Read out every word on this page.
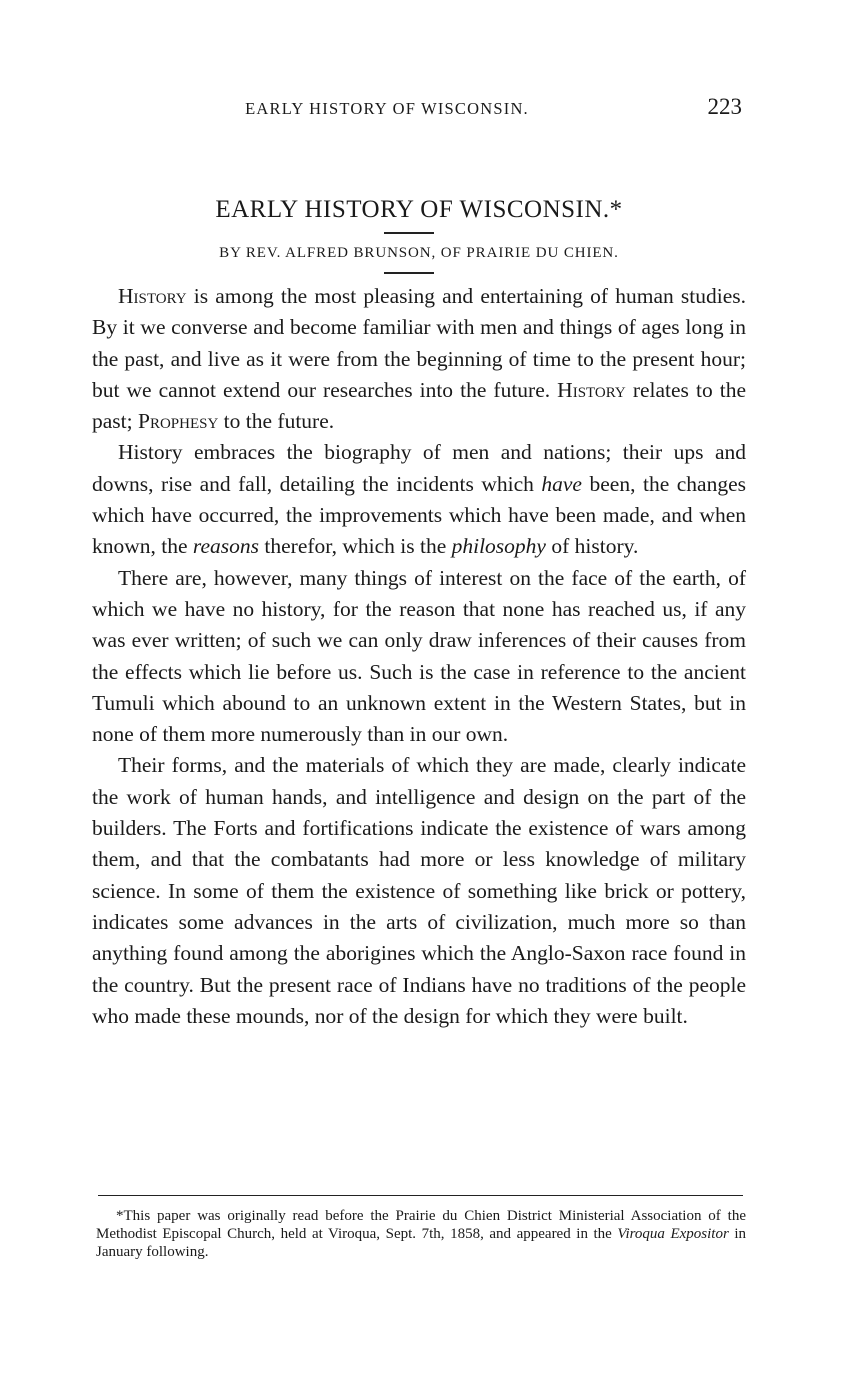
EARLY HISTORY OF WISCONSIN.	223
EARLY HISTORY OF WISCONSIN.*
BY REV. ALFRED BRUNSON, OF PRAIRIE DU CHIEN.

History is among the most pleasing and entertaining of human studies. By it we converse and become familiar with men and things of ages long in the past, and live as it were from the beginning of time to the present hour; but we cannot extend our researches into the future. History relates to the past; Prophesy to the future.

History embraces the biography of men and nations; their ups and downs, rise and fall, detailing the incidents which have been, the changes which have occurred, the improvements which have been made, and when known, the reasons therefor, which is the philosophy of history.

There are, however, many things of interest on the face of the earth, of which we have no history, for the reason that none has reached us, if any was ever written; of such we can only draw inferences of their causes from the effects which lie before us. Such is the case in reference to the ancient Tumuli which abound to an unknown extent in the Western States, but in none of them more numerously than in our own.

Their forms, and the materials of which they are made, clearly indicate the work of human hands, and intelligence and design on the part of the builders. The Forts and fortifications indicate the existence of wars among them, and that the combatants had more or less knowledge of military science. In some of them the existence of something like brick or pottery, indicates some advances in the arts of civilization, much more so than anything found among the aborigines which the Anglo-Saxon race found in the country. But the present race of Indians have no traditions of the people who made these mounds, nor of the design for which they were built.

*This paper was originally read before the Prairie du Chien District Ministerial Association of the Methodist Episcopal Church, held at Viroqua, Sept. 7th, 1858, and appeared in the Viroqua Expositor in January following.
